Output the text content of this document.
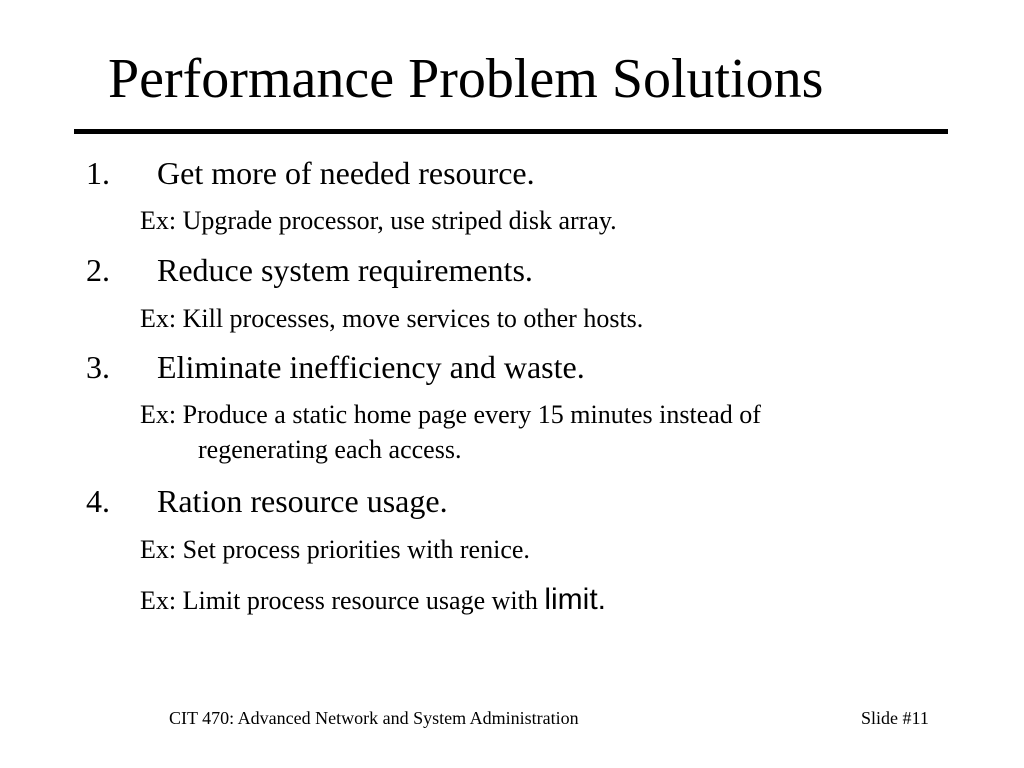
Performance Problem Solutions
1. Get more of needed resource.
Ex: Upgrade processor, use striped disk array.
2. Reduce system requirements.
Ex: Kill processes, move services to other hosts.
3. Eliminate inefficiency and waste.
Ex: Produce a static home page every 15 minutes instead of
regenerating each access.
4. Ration resource usage.
Ex: Set process priorities with renice.
Ex: Limit process resource usage with limit.
CIT 470: Advanced Network and System Administration	Slide #11
